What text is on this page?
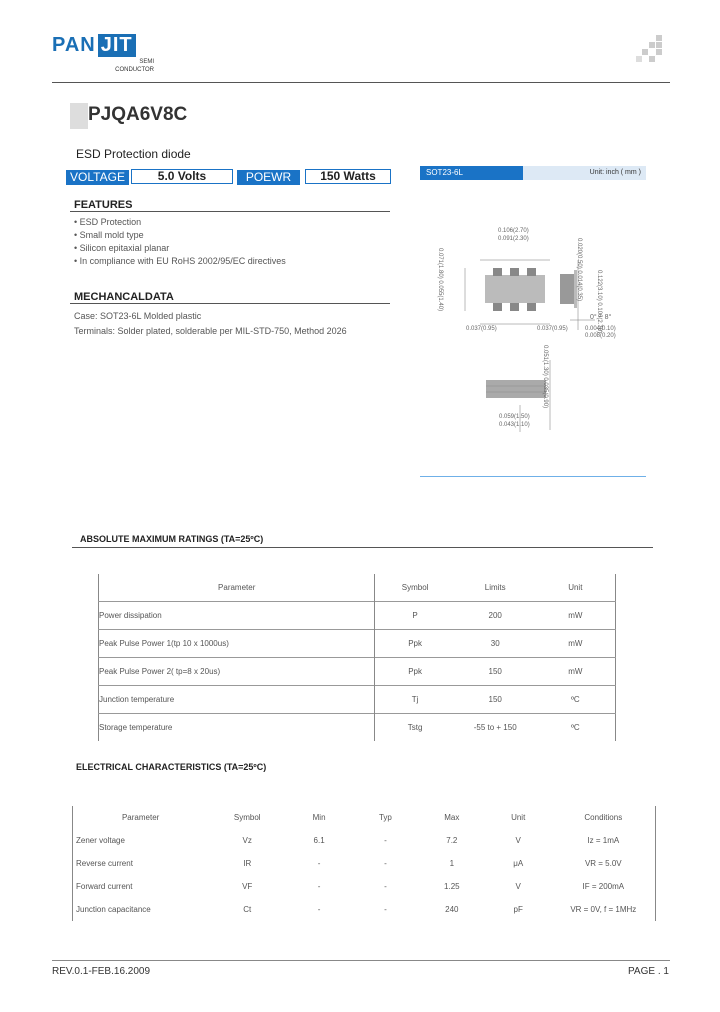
PAN JIT
SEMI
CONDUCTOR
PJQA6V8C
ESD Protection diode
VOLTAGE	5.0 Volts	POEWR	150 Watts
FEATURES
• ESD Protection
• Small mold type
• Silicon epitaxial planar
• In compliance with EU RoHS 2002/95/EC directives
MECHANCALDATA
Case: SOT23-6L Molded plastic
Terminals: Solder plated, solderable per MIL-STD-750, Method 2026
SOT23-6L	Unit: inch ( mm )
0.106(2.70)
0.091(2.30)
0.071(1.80) 0.055(1.40)
0.037(0.95)	0.037(0.95)
0.020(0.50) 0.014(0.35) 0.122(3.10) 0.106(2.70)
0° ~ 8°
0.004(0.10)
0.008(0.20)
0.051(1.30) 0.035(0.90)
0.059(1.50)
0.043(1.10)
ABSOLUTE MAXIMUM RATINGS (TA=25ºC)
Parameter	Symbol	Limits	Unit
Power dissipation	P	200	mW
Peak Pulse Power 1(tp 10 x 1000us)	Ppk	30	mW
Peak Pulse Power 2( tp=8 x 20us)	Ppk	150	mW
Junction temperature	Tj	150	ºC
Storage temperature	Tstg	-55 to + 150	ºC
ELECTRICAL CHARACTERISTICS (TA=25ºC)
Parameter	Symbol	Min	Typ	Max	Unit	Conditions
Zener voltage	Vz	6.1	-	7.2	V	Iz = 1mA
Reverse current	IR	-	-	1	μA	VR = 5.0V
Forward current	VF	-	-	1.25	V	IF = 200mA
Junction capacitance	Ct	-	-	240	pF	VR = 0V, f = 1MHz
REV.0.1-FEB.16.2009	PAGE . 1
